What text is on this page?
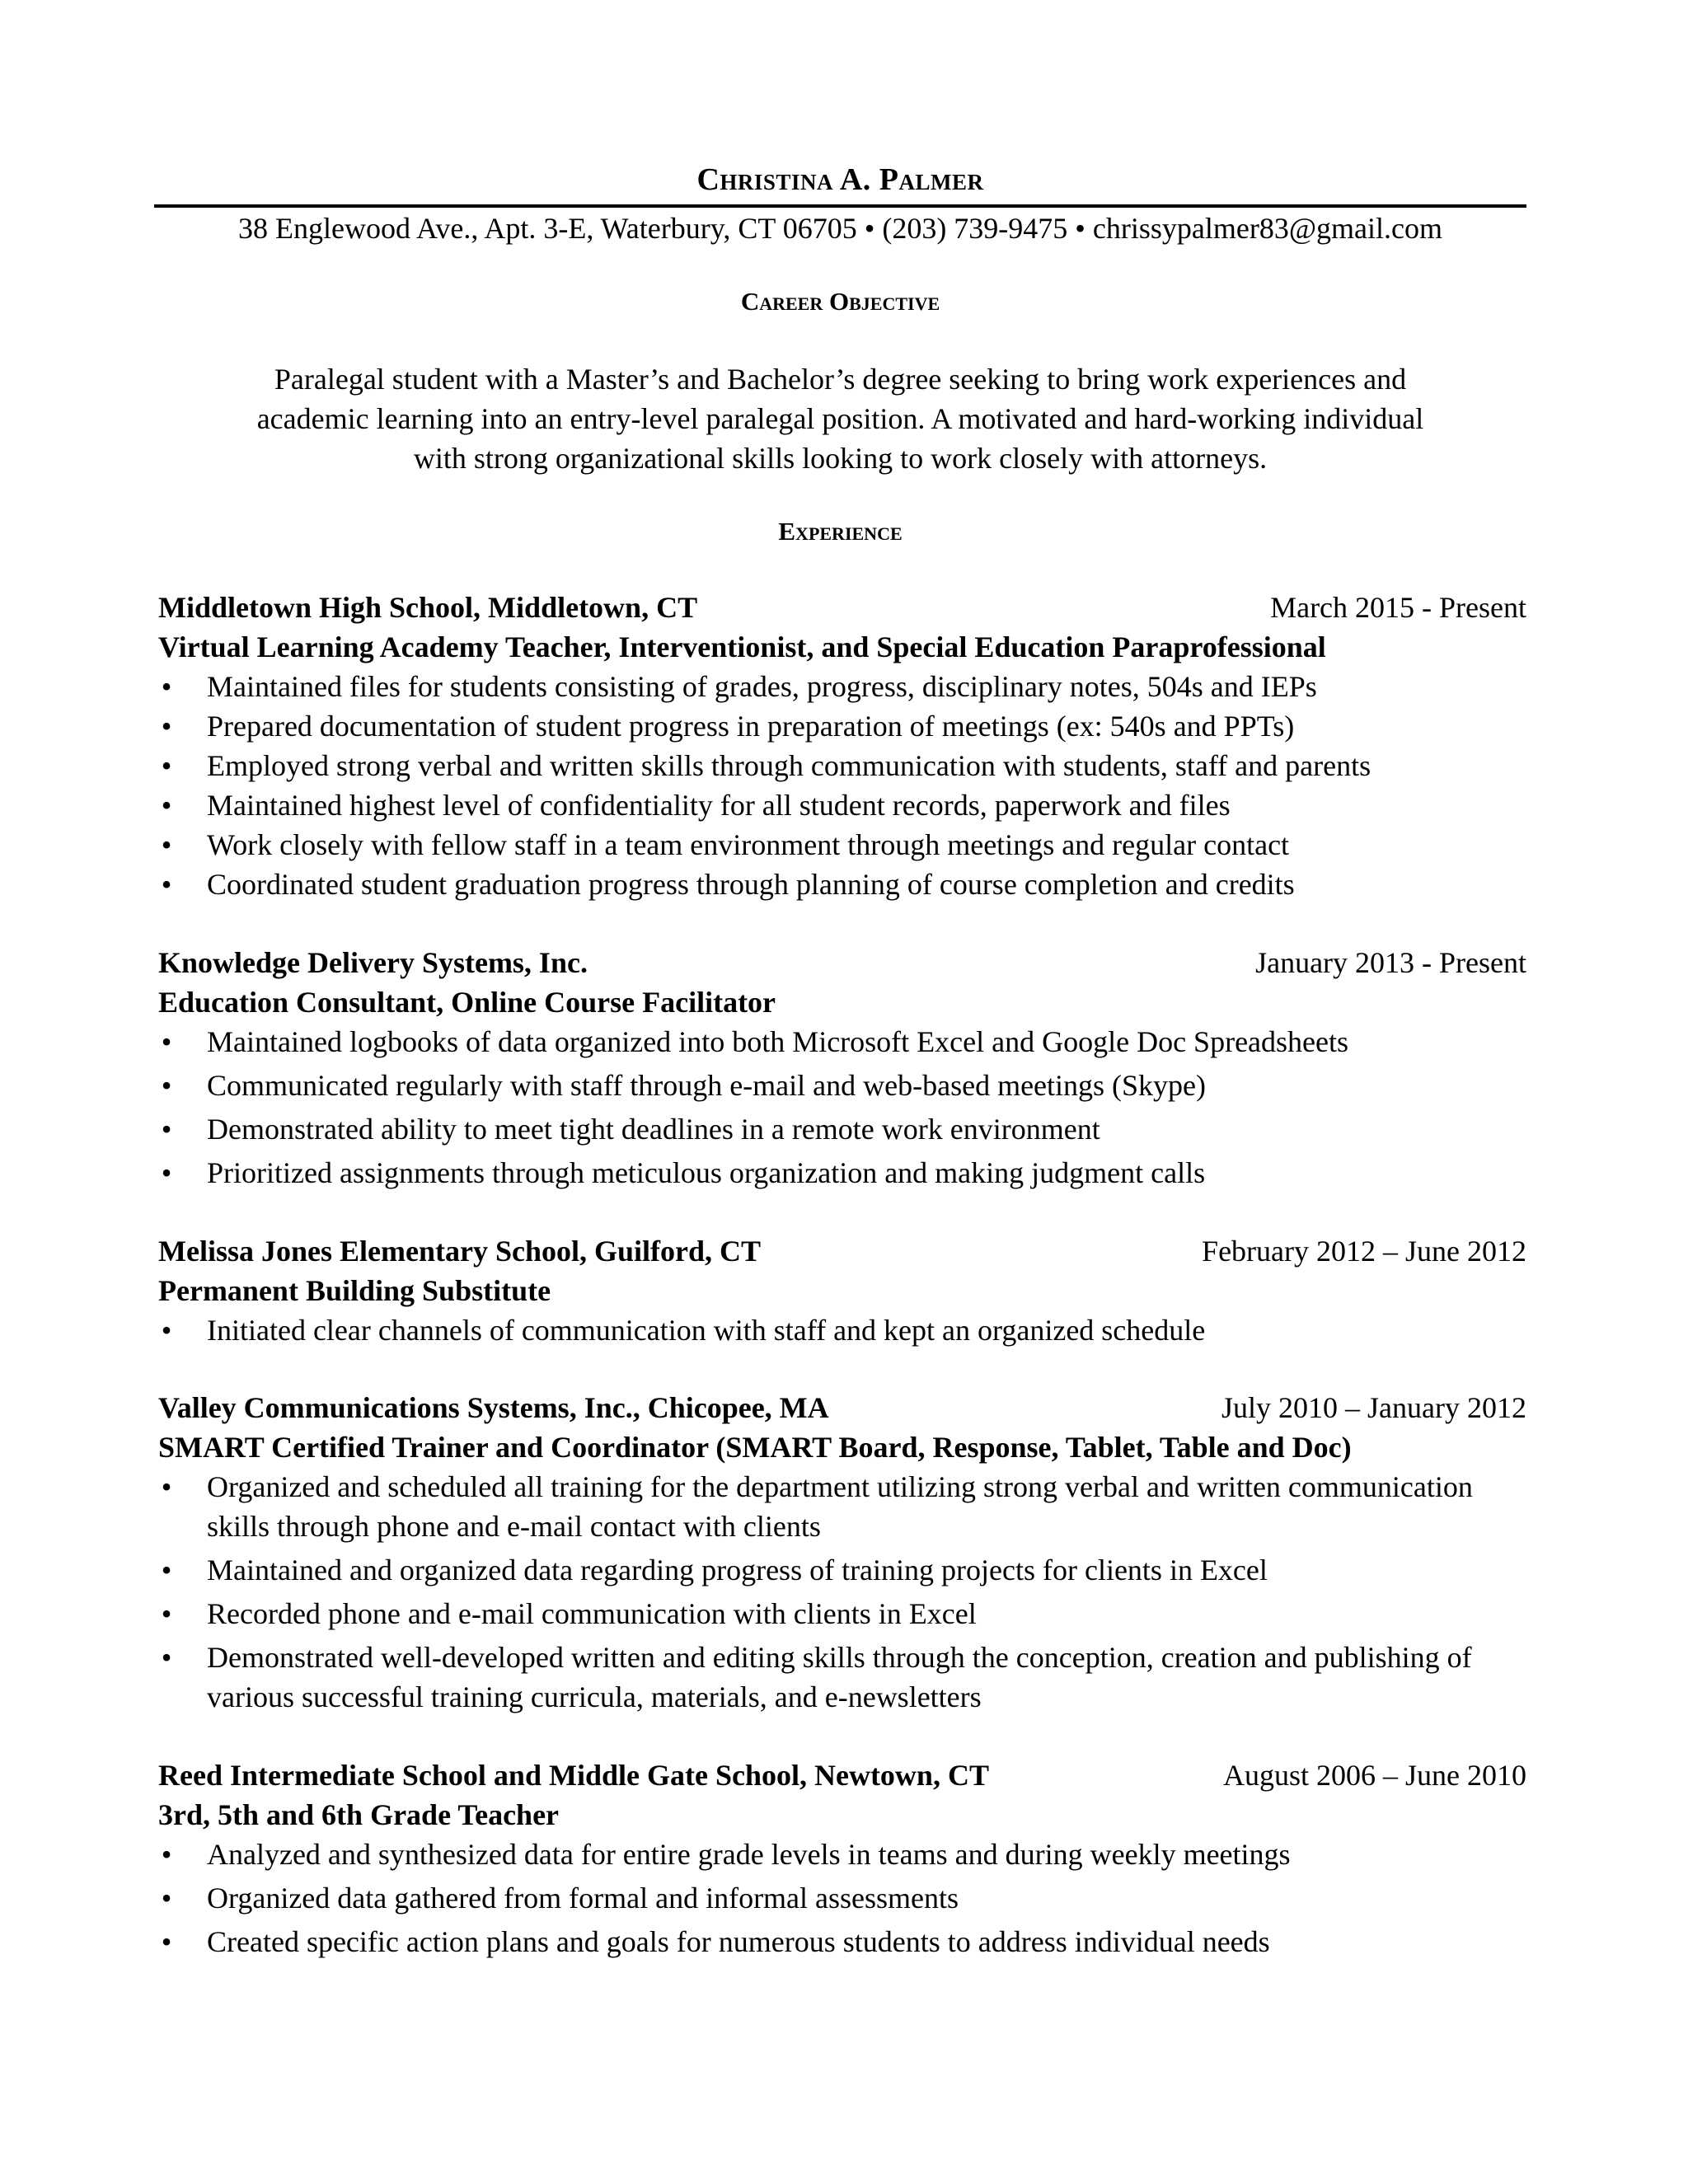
Christina A. Palmer
38 Englewood Ave., Apt. 3-E, Waterbury, CT 06705 • (203) 739-9475 • chrissypalmer83@gmail.com
Career Objective
Paralegal student with a Master’s and Bachelor’s degree seeking to bring work experiences and
academic learning into an entry-level paralegal position. A motivated and hard-working individual
with strong organizational skills looking to work closely with attorneys.
Experience
Middletown High School, Middletown, CT	March 2015 - Present
Virtual Learning Academy Teacher, Interventionist, and Special Education Paraprofessional
• Maintained files for students consisting of grades, progress, disciplinary notes, 504s and IEPs
• Prepared documentation of student progress in preparation of meetings (ex: 540s and PPTs)
• Employed strong verbal and written skills through communication with students, staff and parents
• Maintained highest level of confidentiality for all student records, paperwork and files
• Work closely with fellow staff in a team environment through meetings and regular contact
• Coordinated student graduation progress through planning of course completion and credits
Knowledge Delivery Systems, Inc.	January 2013 - Present
Education Consultant, Online Course Facilitator
• Maintained logbooks of data organized into both Microsoft Excel and Google Doc Spreadsheets
• Communicated regularly with staff through e-mail and web-based meetings (Skype)
• Demonstrated ability to meet tight deadlines in a remote work environment
• Prioritized assignments through meticulous organization and making judgment calls
Melissa Jones Elementary School, Guilford, CT	February 2012 – June 2012
Permanent Building Substitute
• Initiated clear channels of communication with staff and kept an organized schedule
Valley Communications Systems, Inc., Chicopee, MA	July 2010 – January 2012
SMART Certified Trainer and Coordinator (SMART Board, Response, Tablet, Table and Doc)
• Organized and scheduled all training for the department utilizing strong verbal and written communication skills through phone and e-mail contact with clients
• Maintained and organized data regarding progress of training projects for clients in Excel
• Recorded phone and e-mail communication with clients in Excel
• Demonstrated well-developed written and editing skills through the conception, creation and publishing of various successful training curricula, materials, and e-newsletters
Reed Intermediate School and Middle Gate School, Newtown, CT	August 2006 – June 2010
3rd, 5th and 6th Grade Teacher
• Analyzed and synthesized data for entire grade levels in teams and during weekly meetings
• Organized data gathered from formal and informal assessments
• Created specific action plans and goals for numerous students to address individual needs
